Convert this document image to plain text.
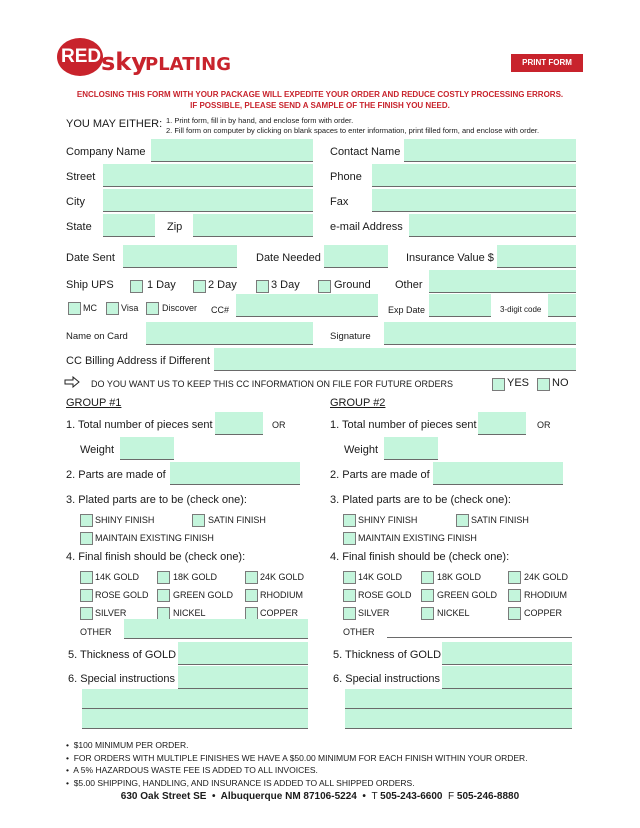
RED sky
PLATING	PRINT FORM
ENCLOSING THIS FORM WITH YOUR PACKAGE WILL EXPEDITE YOUR ORDER AND REDUCE COSTLY PROCESSING ERRORS.
IF POSSIBLE, PLEASE SEND A SAMPLE OF THE FINISH YOU NEED.
YOU MAY EITHER: 1. Print form, fill in by hand, and enclose form with order.
2. Fill form on computer by clicking on blank spaces to enter information, print filled form, and enclose with order.
Company Name	Contact Name
Street	Phone
City	Fax
State	Zip	e-mail Address
Date Sent	Date Needed	Insurance Value $
Ship UPS	1 Day	2 Day	3 Day	Ground Other
MC	Visa	Discover CC#	Exp Date	3-digit code
Name on Card	Signature
CC Billing Address if Different
DO YOU WANT US TO KEEP THIS CC INFORMATION ON FILE FOR FUTURE ORDERS	YES NO
GROUP #1
1. Total number of pieces sent	OR
Weight
2. Parts are made of
3. Plated parts are to be (check one):
SHINY FINISH	SATIN FINISH
MAINTAIN EXISTING FINISH
4. Final finish should be (check one):
14K GOLD	18K GOLD	24K GOLD
ROSE GOLD	GREEN GOLD	RHODIUM
SILVER	NICKEL	COPPER
OTHER
5. Thickness of GOLD
6. Special instructions
GROUP #2
1. Total number of pieces sent	OR
Weight
2. Parts are made of
3. Plated parts are to be (check one):
SHINY FINISH	SATIN FINISH
MAINTAIN EXISTING FINISH
4. Final finish should be (check one):
14K GOLD	18K GOLD	24K GOLD
ROSE GOLD	GREEN GOLD	RHODIUM
SILVER	NICKEL	COPPER
OTHER
5. Thickness of GOLD
6. Special instructions
•  $100 MINIMUM PER ORDER.
•  FOR ORDERS WITH MULTIPLE FINISHES WE HAVE A $50.00 MINIMUM FOR EACH FINISH WITHIN YOUR ORDER.
•  A 5% HAZARDOUS WASTE FEE IS ADDED TO ALL INVOICES.
•  $5.00 SHIPPING, HANDLING, AND INSURANCE IS ADDED TO ALL SHIPPED ORDERS.
630 Oak Street SE  •  Albuquerque NM 87106-5224  •  T 505-243-6600 F 505-246-8880
